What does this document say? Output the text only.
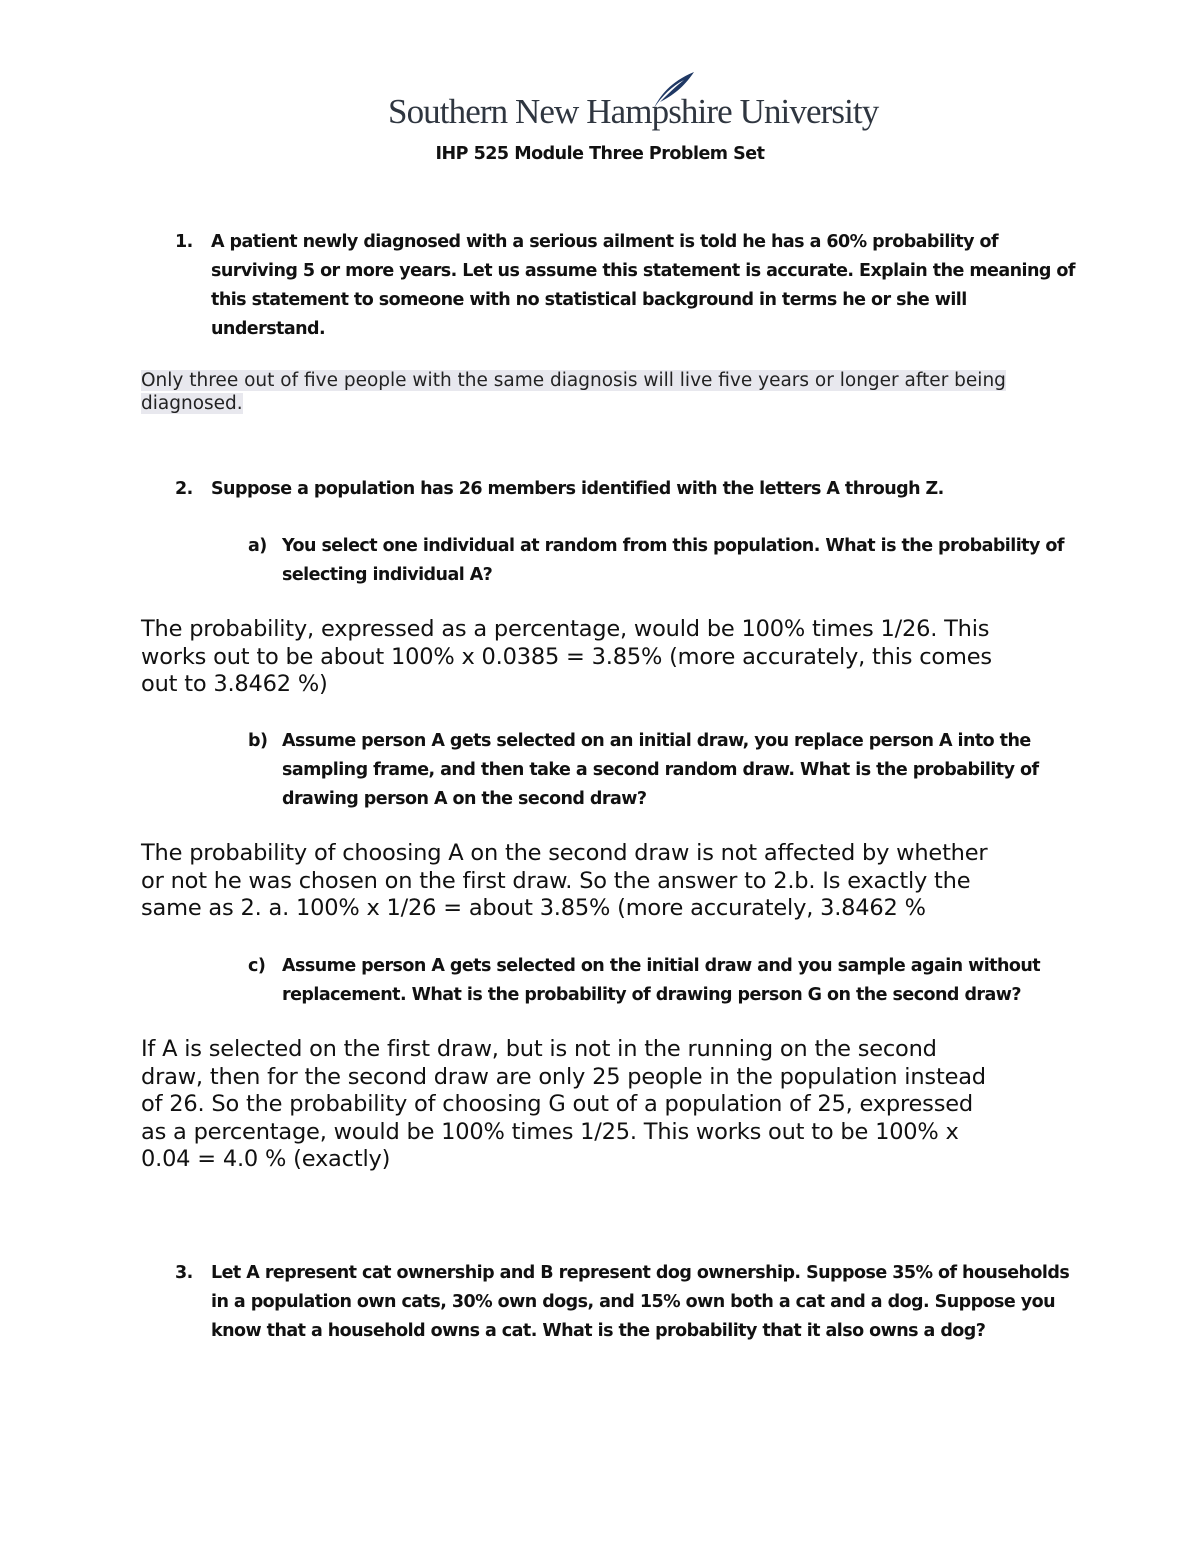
Southern New Hampshire University
IHP 525 Module Three Problem Set
1.	A patient newly diagnosed with a serious ailment is told he has a 60% probability of surviving 5 or more years. Let us assume this statement is accurate. Explain the meaning of this statement to someone with no statistical background in terms he or she will understand.
Only three out of five people with the same diagnosis will live five years or longer after being diagnosed.
2.	Suppose a population has 26 members identified with the letters A through Z.
a) You select one individual at random from this population. What is the probability of selecting individual A?
The probability, expressed as a percentage, would be 100% times 1/26. This
works out to be about 100% x 0.0385 = 3.85% (more accurately, this comes
out to 3.8462 %)
b) Assume person A gets selected on an initial draw, you replace person A into the sampling frame, and then take a second random draw. What is the probability of drawing person A on the second draw?
The probability of choosing A on the second draw is not affected by whether
or not he was chosen on the first draw. So the answer to 2.b. Is exactly the
same as 2. a. 100% x 1/26 = about 3.85% (more accurately, 3.8462 %
c) Assume person A gets selected on the initial draw and you sample again without replacement. What is the probability of drawing person G on the second draw?
If A is selected on the first draw, but is not in the running on the second
draw, then for the second draw are only 25 people in the population instead
of 26. So the probability of choosing G out of a population of 25, expressed
as a percentage, would be 100% times 1/25. This works out to be 100% x
0.04 = 4.0 % (exactly)
3.	Let A represent cat ownership and B represent dog ownership. Suppose 35% of households in a population own cats, 30% own dogs, and 15% own both a cat and a dog. Suppose you know that a household owns a cat. What is the probability that it also owns a dog?
